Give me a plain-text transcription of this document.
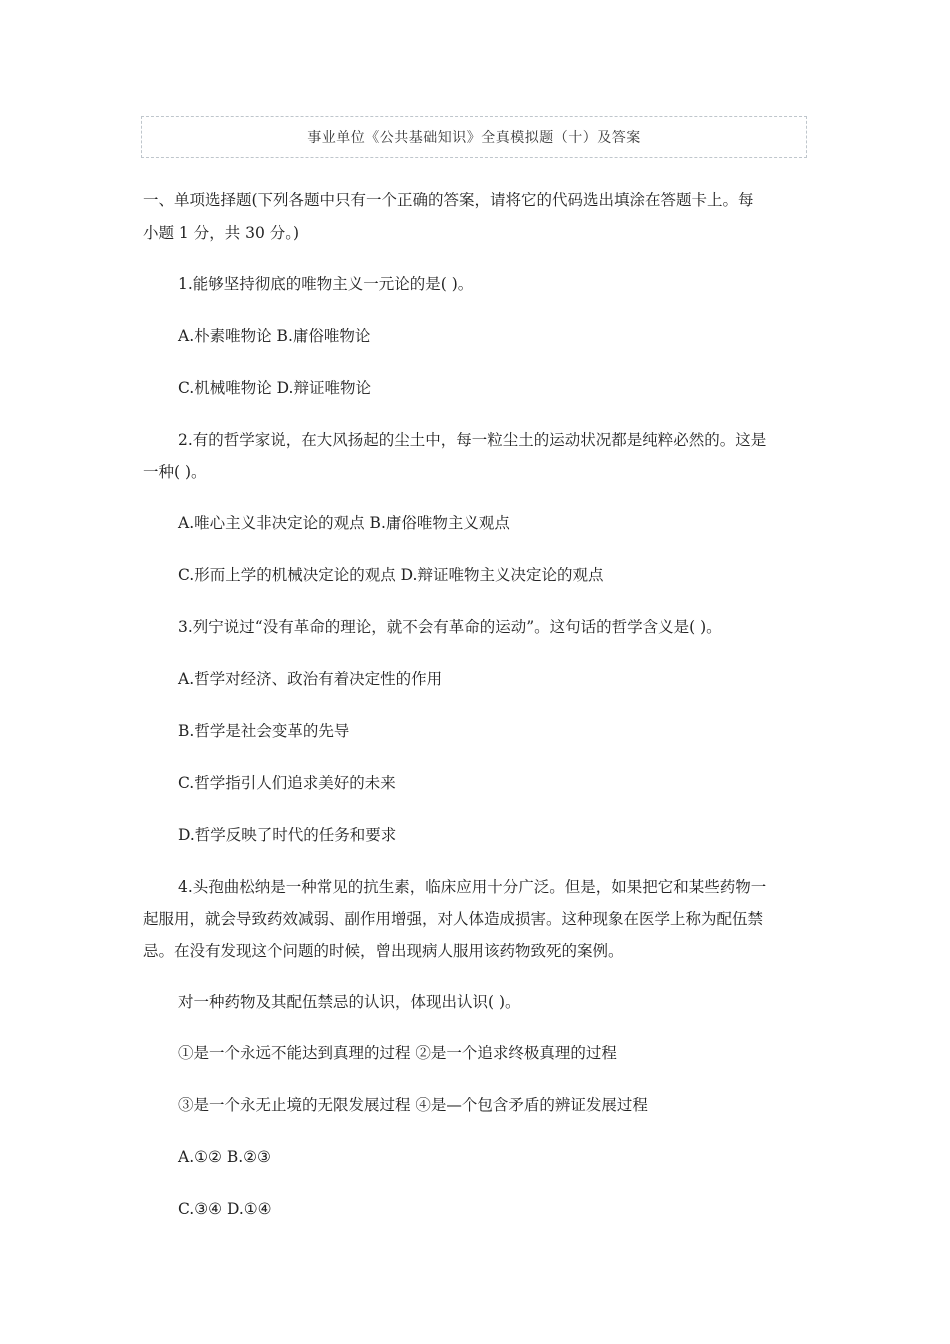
事业单位《公共基础知识》全真模拟题（十）及答案
一、单项选择题(下列各题中只有一个正确的答案，请将它的代码选出填涂在答题卡上。每
小题 1 分，共 30 分。)
1.能够坚持彻底的唯物主义一元论的是( )。
A.朴素唯物论 B.庸俗唯物论
C.机械唯物论 D.辩证唯物论
2.有的哲学家说，在大风扬起的尘土中，每一粒尘土的运动状况都是纯粹必然的。这是
一种( )。
A.唯心主义非决定论的观点 B.庸俗唯物主义观点
C.形而上学的机械决定论的观点 D.辩证唯物主义决定论的观点
3.列宁说过“没有革命的理论，就不会有革命的运动”。这句话的哲学含义是( )。
A.哲学对经济、政治有着决定性的作用
B.哲学是社会变革的先导
C.哲学指引人们追求美好的未来
D.哲学反映了时代的任务和要求
4.头孢曲松纳是一种常见的抗生素，临床应用十分广泛。但是，如果把它和某些药物一
起服用，就会导致药效减弱、副作用增强，对人体造成损害。这种现象在医学上称为配伍禁
忌。在没有发现这个问题的时候，曾出现病人服用该药物致死的案例。
对一种药物及其配伍禁忌的认识，体现出认识( )。
①是一个永远不能达到真理的过程 ②是一个追求终极真理的过程
③是一个永无止境的无限发展过程 ④是—个包含矛盾的辨证发展过程
A.①② B.②③
C.③④ D.①④
